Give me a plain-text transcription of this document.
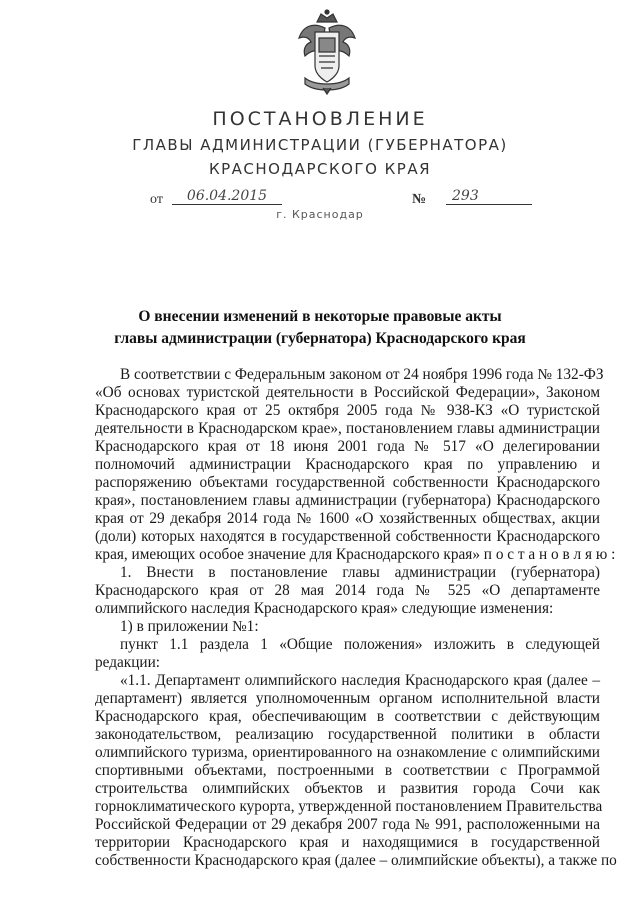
ПОСТАНОВЛЕНИЕ
ГЛАВЫ АДМИНИСТРАЦИИ (ГУБЕРНАТОРА)
КРАСНОДАРСКОГО КРАЯ
от	06.04.2015	№	293
г. Краснодар
О внесении изменений в некоторые правовые акты
главы администрации (губернатора) Краснодарского края
В соответствии с Федеральным законом от 24 ноября 1996 года № 132-ФЗ
«Об основах туристской деятельности в Российской Федерации», Законом
Краснодарского края от 25 октября 2005 года № 938-КЗ «О туристской
деятельности в Краснодарском крае», постановлением главы администрации
Краснодарского края от 18 июня 2001 года № 517 «О делегировании
полномочий администрации Краснодарского края по управлению и
распоряжению объектами государственной собственности Краснодарского
края», постановлением главы администрации (губернатора) Краснодарского
края от 29 декабря 2014 года № 1600 «О хозяйственных обществах, акции
(доли) которых находятся в государственной собственности Краснодарского
края, имеющих особое значение для Краснодарского края» п о с т а н о в л я ю :
1. Внести в постановление главы администрации (губернатора)
Краснодарского края от 28 мая 2014 года № 525 «О департаменте
олимпийского наследия Краснодарского края» следующие изменения:
1) в приложении №1:
пункт 1.1 раздела 1 «Общие положения» изложить в следующей
редакции:
«1.1. Департамент олимпийского наследия Краснодарского края (далее –
департамент) является уполномоченным органом исполнительной власти
Краснодарского края, обеспечивающим в соответствии с действующим
законодательством, реализацию государственной политики в области
олимпийского туризма, ориентированного на ознакомление с олимпийскими
спортивными объектами, построенными в соответствии с Программой
строительства олимпийских объектов и развития города Сочи как
горноклиматического курорта, утвержденной постановлением Правительства
Российской Федерации от 29 декабря 2007 года № 991, расположенными на
территории Краснодарского края и находящимися в государственной
собственности Краснодарского края (далее – олимпийские объекты), а также по
